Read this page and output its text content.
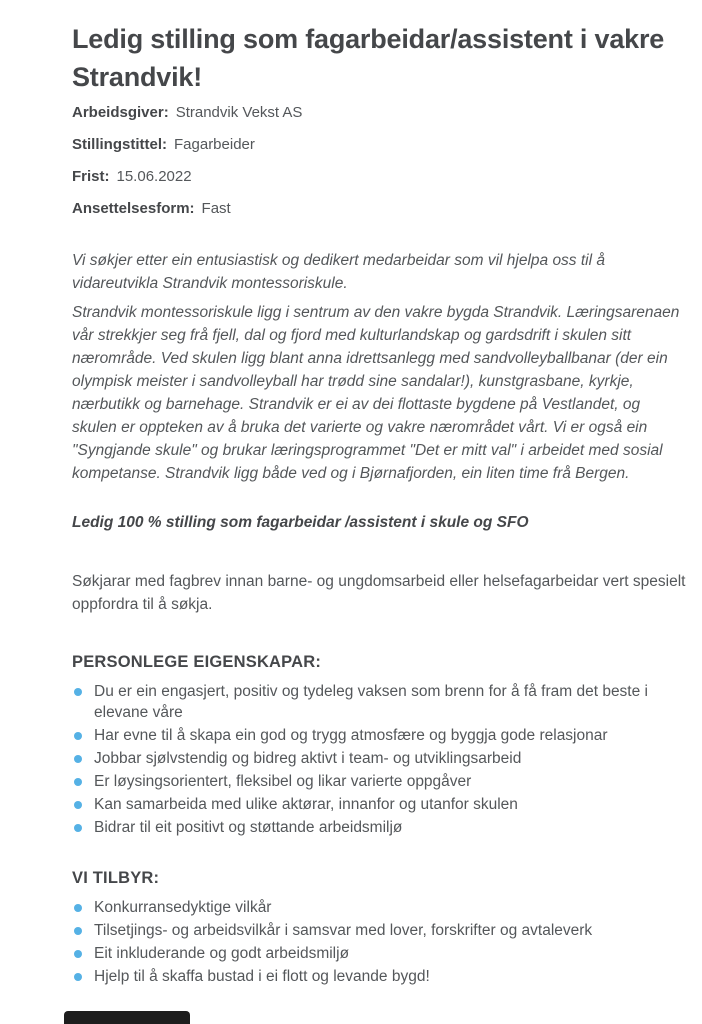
Ledig stilling som fagarbeidar/assistent i vakre
Strandvik!
Arbeidsgiver: Strandvik Vekst AS
Stillingstittel: Fagarbeider
Frist: 15.06.2022
Ansettelsesform: Fast

Vi søkjer etter ein entusiastisk og dedikert medarbeidar som vil hjelpa oss til å vidareutvikla Strandvik montessoriskule.

Strandvik montessoriskule ligg i sentrum av den vakre bygda Strandvik. Læringsarenaen vår strekkjer seg frå fjell, dal og fjord med kulturlandskap og gardsdrift i skulen sitt nærområde. Ved skulen ligg blant anna idrettsanlegg med sandvolleyballbanar (der ein olympisk meister i sandvolleyball har trødd sine sandalar!), kunstgrasbane, kyrkje, nærbutikk og barnehage. Strandvik er ei av dei flottaste bygdene på Vestlandet, og skulen er oppteken av å bruka det varierte og vakre nærområdet vårt. Vi er også ein "Syngjande skule" og brukar læringsprogrammet "Det er mitt val" i arbeidet med sosial kompetanse. Strandvik ligg både ved og i Bjørnafjorden, ein liten time frå Bergen.

Ledig 100 % stilling som fagarbeidar /assistent i skule og SFO

Søkjarar med fagbrev innan barne- og ungdomsarbeid eller helsefagarbeidar vert spesielt oppfordra til å søkja.

PERSONLEGE EIGENSKAPAR:
Du er ein engasjert, positiv og tydeleg vaksen som brenn for å få fram det beste i elevane våre
Har evne til å skapa ein god og trygg atmosfære og byggja gode relasjonar
Jobbar sjølvstendig og bidreg aktivt i team- og utviklingsarbeid
Er løysingsorientert, fleksibel og likar varierte oppgåver
Kan samarbeida med ulike aktørar, innanfor og utanfor skulen
Bidrar til eit positivt og støttande arbeidsmiljø
VI TILBYR:
Konkurransedyktige vilkår
Tilsetjings- og arbeidsvilkår i samsvar med lover, forskrifter og avtaleverk
Eit inkluderande og godt arbeidsmiljø
Hjelp til å skaffa bustad i ei flott og levande bygd!
